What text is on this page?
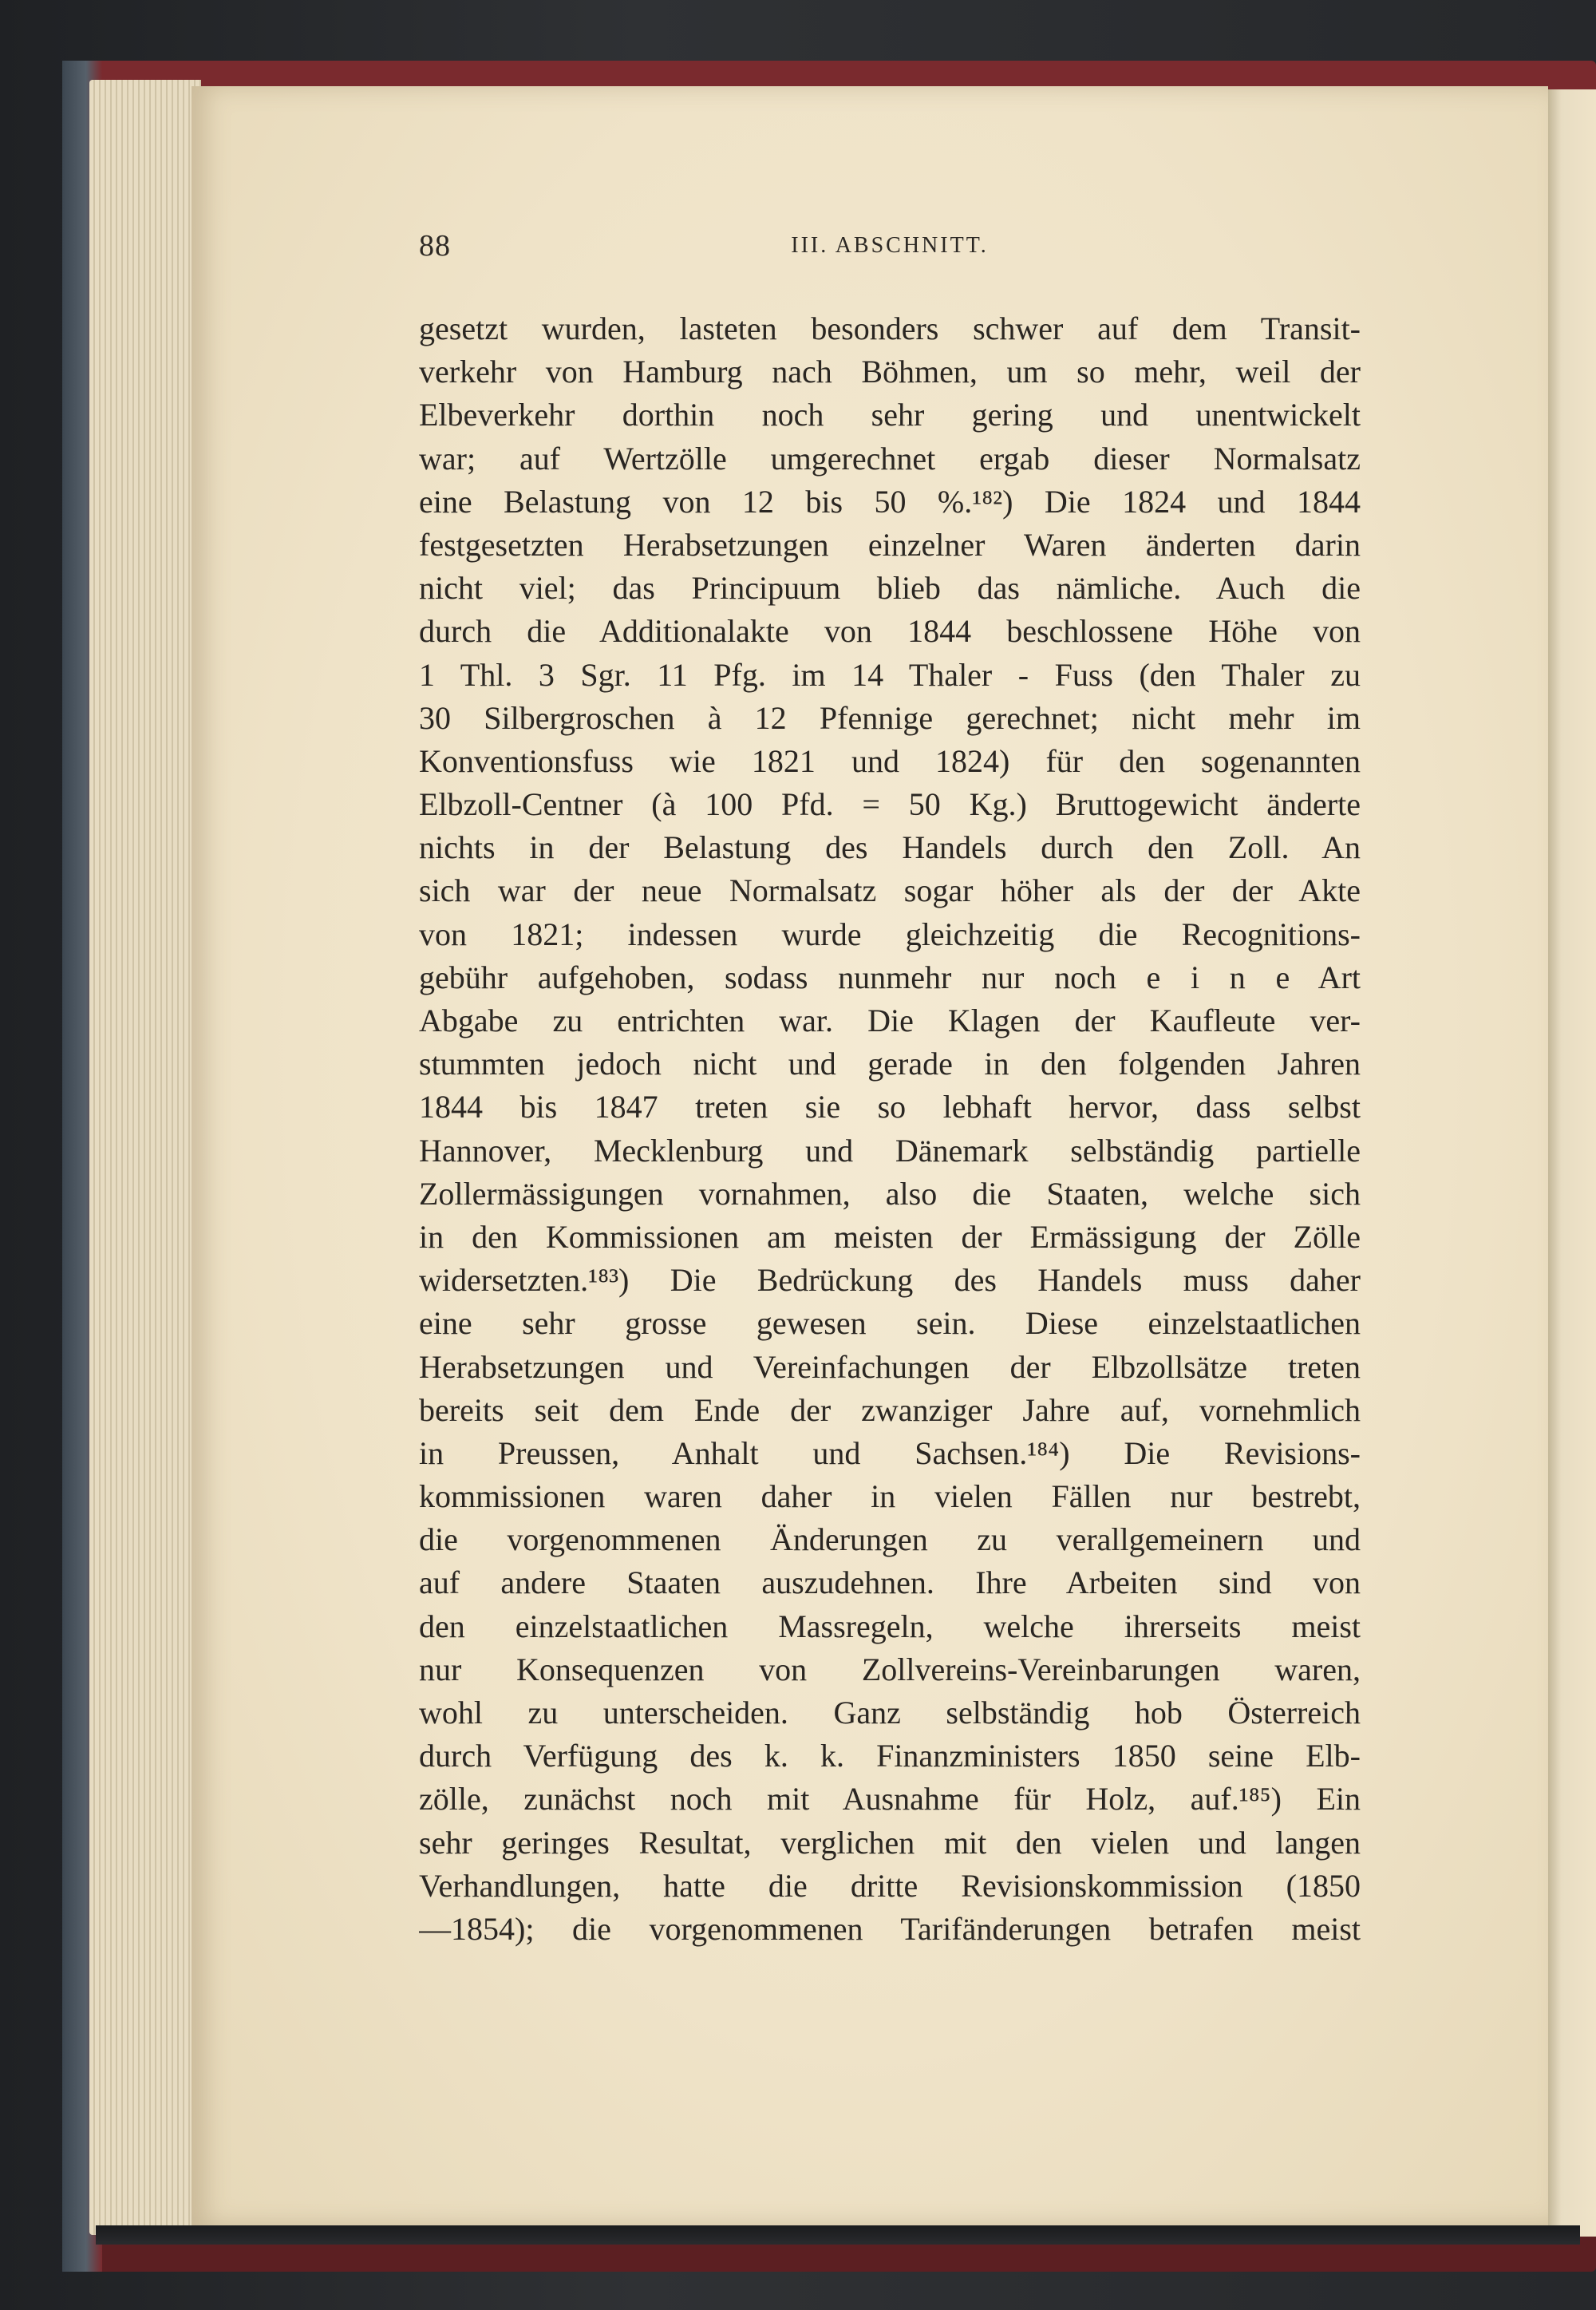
88	III. ABSCHNITT.
gesetzt wurden, lasteten besonders schwer auf dem Transit-
verkehr von Hamburg nach Böhmen, um so mehr, weil der
Elbeverkehr dorthin noch sehr gering und unentwickelt
war; auf Wertzölle umgerechnet ergab dieser Normalsatz
eine Belastung von 12 bis 50 %.¹⁸²) Die 1824 und 1844
festgesetzten Herabsetzungen einzelner Waren änderten darin
nicht viel; das Principuum blieb das nämliche. Auch die
durch die Additionalakte von 1844 beschlossene Höhe von
1 Thl. 3 Sgr. 11 Pfg. im 14 Thaler - Fuss (den Thaler zu
30 Silbergroschen à 12 Pfennige gerechnet; nicht mehr im
Konventionsfuss wie 1821 und 1824) für den sogenannten
Elbzoll-Centner (à 100 Pfd. = 50 Kg.) Bruttogewicht änderte
nichts in der Belastung des Handels durch den Zoll. An
sich war der neue Normalsatz sogar höher als der der Akte
von 1821; indessen wurde gleichzeitig die Recognitions-
gebühr aufgehoben, sodass nunmehr nur noch e i n e Art
Abgabe zu entrichten war. Die Klagen der Kaufleute ver-
stummten jedoch nicht und gerade in den folgenden Jahren
1844 bis 1847 treten sie so lebhaft hervor, dass selbst
Hannover, Mecklenburg und Dänemark selbständig partielle
Zollermässigungen vornahmen, also die Staaten, welche sich
in den Kommissionen am meisten der Ermässigung der Zölle
widersetzten.¹⁸³) Die Bedrückung des Handels muss daher
eine sehr grosse gewesen sein. Diese einzelstaatlichen
Herabsetzungen und Vereinfachungen der Elbzollsätze treten
bereits seit dem Ende der zwanziger Jahre auf, vornehmlich
in Preussen, Anhalt und Sachsen.¹⁸⁴) Die Revisions-
kommissionen waren daher in vielen Fällen nur bestrebt,
die vorgenommenen Änderungen zu verallgemeinern und
auf andere Staaten auszudehnen. Ihre Arbeiten sind von
den einzelstaatlichen Massregeln, welche ihrerseits meist
nur Konsequenzen von Zollvereins-Vereinbarungen waren,
wohl zu unterscheiden. Ganz selbständig hob Österreich
durch Verfügung des k. k. Finanzministers 1850 seine Elb-
zölle, zunächst noch mit Ausnahme für Holz, auf.¹⁸⁵) Ein
sehr geringes Resultat, verglichen mit den vielen und langen
Verhandlungen, hatte die dritte Revisionskommission (1850
—1854); die vorgenommenen Tarifänderungen betrafen meist
